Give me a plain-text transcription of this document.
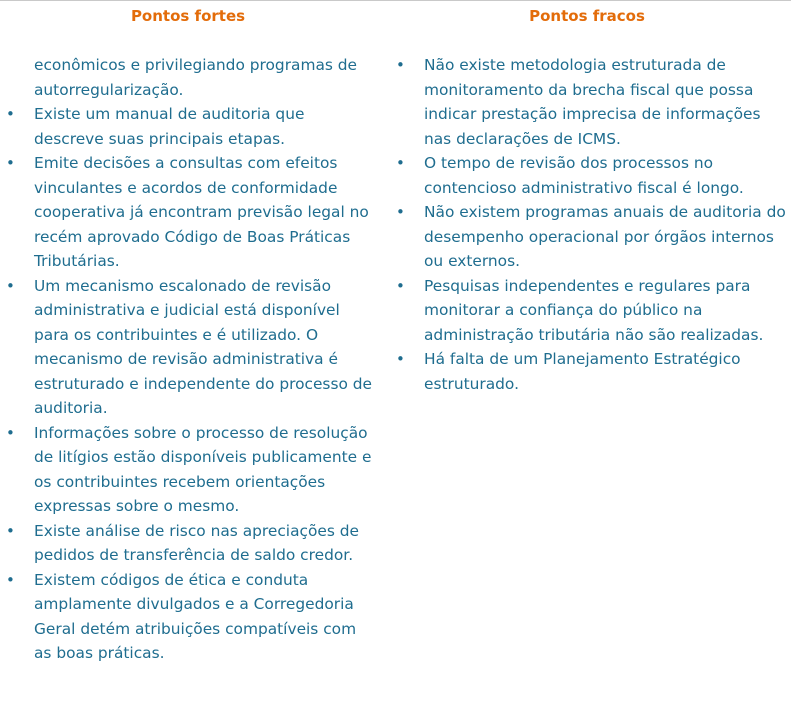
Pontos fortes	Pontos fracos
econômicos e privilegiando programas de autorregularização.
• Existe um manual de auditoria que descreve suas principais etapas.
• Emite decisões a consultas com efeitos vinculantes e acordos de conformidade cooperativa já encontram previsão legal no recém aprovado Código de Boas Práticas Tributárias.
• Um mecanismo escalonado de revisão administrativa e judicial está disponível para os contribuintes e é utilizado. O mecanismo de revisão administrativa é estruturado e independente do processo de auditoria.
• Informações sobre o processo de resolução de litígios estão disponíveis publicamente e os contribuintes recebem orientações expressas sobre o mesmo.
• Existe análise de risco nas apreciações de pedidos de transferência de saldo credor.
• Existem códigos de ética e conduta amplamente divulgados e a Corregedoria Geral detém atribuições compatíveis com as boas práticas.
• Não existe metodologia estruturada de monitoramento da brecha fiscal que possa indicar prestação imprecisa de informações nas declarações de ICMS.
• O tempo de revisão dos processos no contencioso administrativo fiscal é longo.
• Não existem programas anuais de auditoria do desempenho operacional por órgãos internos ou externos.
• Pesquisas independentes e regulares para monitorar a confiança do público na administração tributária não são realizadas.
• Há falta de um Planejamento Estratégico estruturado.
